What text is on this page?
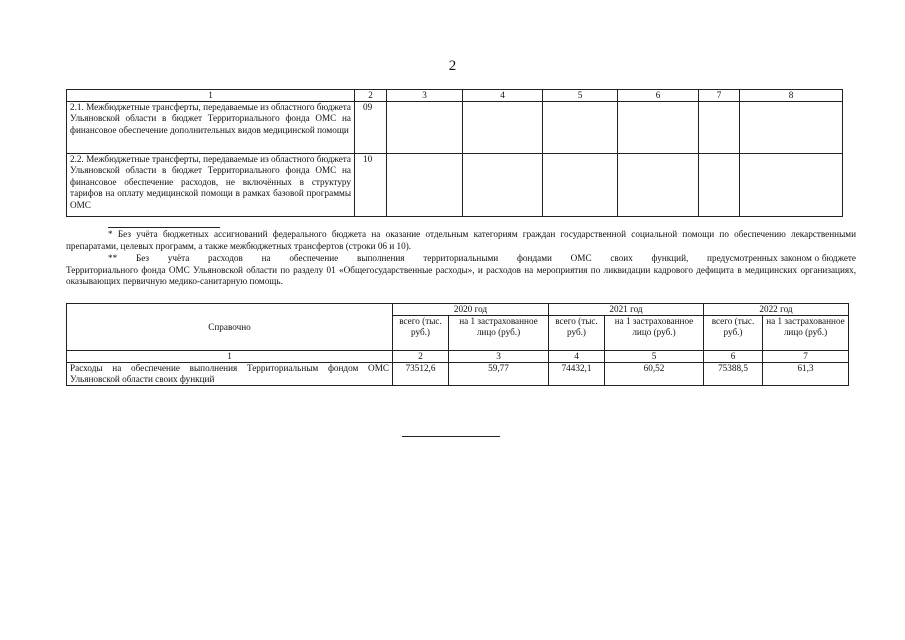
2
1	2	3	4	5	6	7	8
2.1. Межбюджетные трансферты, передаваемые из областного бюджета Ульяновской области в бюджет Территориального фонда ОМС на финансовое обеспечение дополнительных видов медицинской помощи	09						
2.2. Межбюджетные трансферты, передаваемые из областного бюджета Ульяновской области в бюджет Территориального фонда ОМС на финансовое обеспечение расходов, не включённых в структуру тарифов на оплату медицинской помощи в рамках базовой программы ОМС	10						
* Без учёта бюджетных ассигнований федерального бюджета на оказание отдельным категориям граждан государственной социальной помощи по обеспечению лекарственными препаратами, целевых программ, а также межбюджетных трансфертов (строки 06 и 10).
** Без учёта расходов на обеспечение выполнения территориальными фондами ОМС своих функций, предусмотренных законом о бюджете Территориального фонда ОМС Ульяновской области по разделу 01 «Общегосударственные расходы», и расходов на мероприятия по ликвидации кадрового дефицита в медицинских организациях, оказывающих первичную медико-санитарную помощь.
Справочно	2020 год		2021 год		2022 год	
	всего (тыс. руб.)	на 1 застрахованное лицо (руб.)	всего (тыс. руб.)	на 1 застрахованное лицо (руб.)	всего (тыс. руб.)	на 1 застрахованное лицо (руб.)
1	2	3	4	5	6	7
Расходы на обеспечение выполнения Территориальным фондом ОМС Ульяновской области своих функций	73512,6	59,77	74432,1	60,52	75388,5	61,3
